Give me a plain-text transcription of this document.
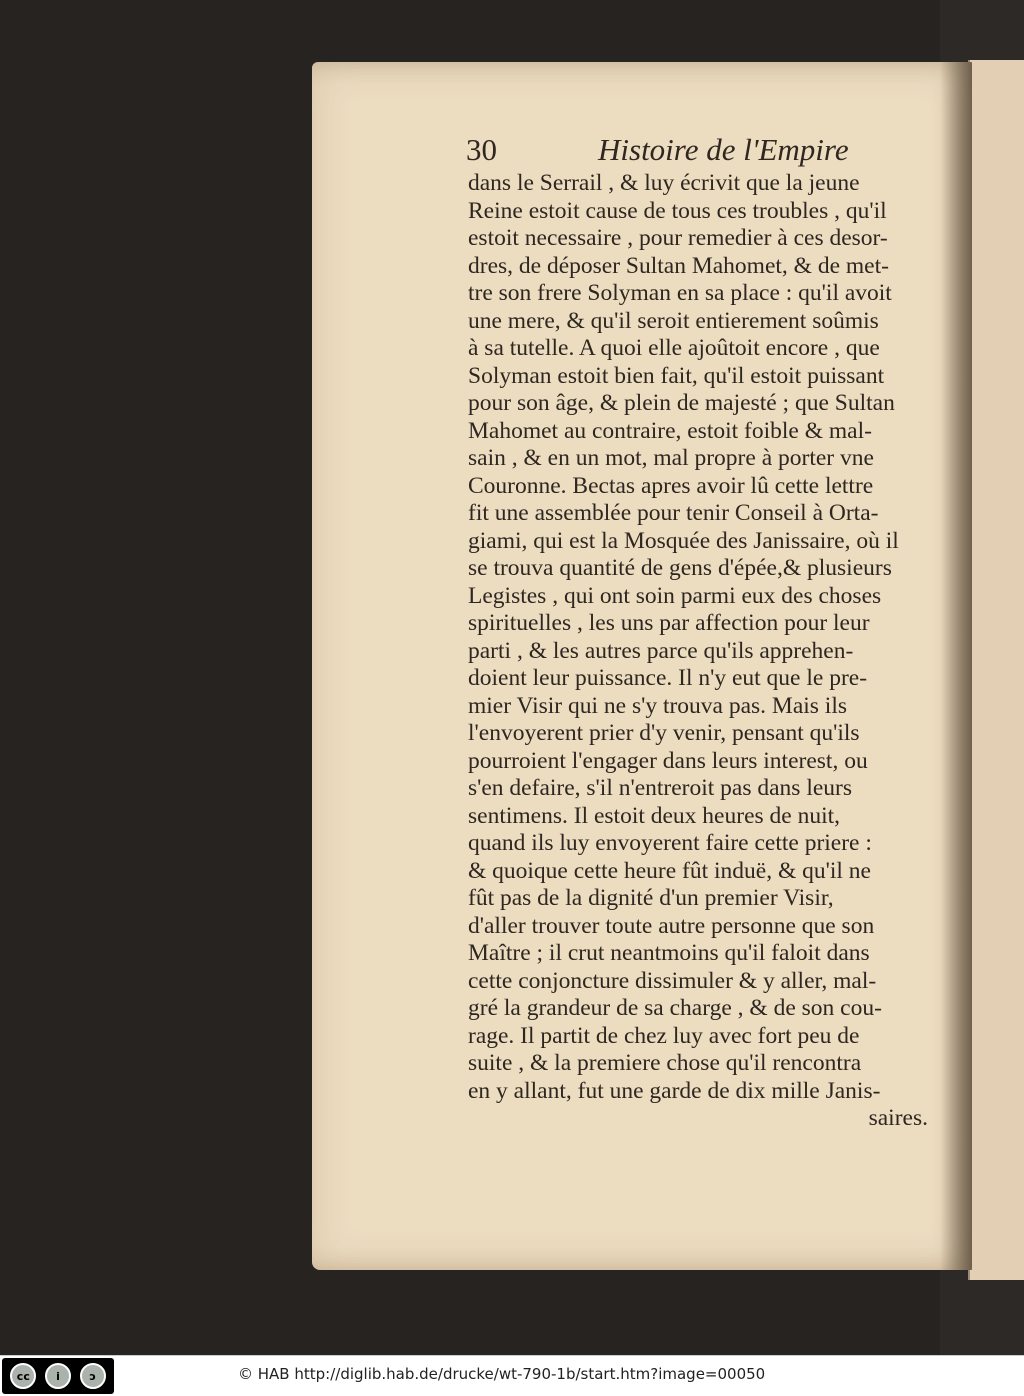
30	Histoire de l'Empire
dans le Serrail , & luy écrivit que la jeune
Reine estoit cause de tous ces troubles , qu'il
estoit necessaire , pour remedier à ces desor-
dres, de déposer Sultan Mahomet, & de met-
tre son frere Solyman en sa place : qu'il avoit
une mere, & qu'il seroit entierement soûmis
à sa tutelle. A quoi elle ajoûtoit encore , que
Solyman estoit bien fait, qu'il estoit puissant
pour son âge, & plein de majesté ; que Sultan
Mahomet au contraire, estoit foible & mal-
sain , & en un mot, mal propre à porter vne
Couronne. Bectas apres avoir lû cette lettre
fit une assemblée pour tenir Conseil à Orta-
giami, qui est la Mosquée des Janissaire, où il
se trouva quantité de gens d'épée,& plusieurs
Legistes , qui ont soin parmi eux des choses
spirituelles , les uns par affection pour leur
parti , & les autres parce qu'ils apprehen-
doient leur puissance. Il n'y eut que le pre-
mier Visir qui ne s'y trouva pas. Mais ils
l'envoyerent prier d'y venir, pensant qu'ils
pourroient l'engager dans leurs interest, ou
s'en defaire, s'il n'entreroit pas dans leurs
sentimens. Il estoit deux heures de nuit,
quand ils luy envoyerent faire cette priere :
& quoique cette heure fût induë, & qu'il ne
fût pas de la dignité d'un premier Visir,
d'aller trouver toute autre personne que son
Maître ; il crut neantmoins qu'il faloit dans
cette conjoncture dissimuler & y aller, mal-
gré la grandeur de sa charge , & de son cou-
rage. Il partit de chez luy avec fort peu de
suite , & la premiere chose qu'il rencontra
en y allant, fut une garde de dix mille Janis-
saires.
cc	i	ↄ	© HAB http://diglib.hab.de/drucke/wt-790-1b/start.htm?image=00050
